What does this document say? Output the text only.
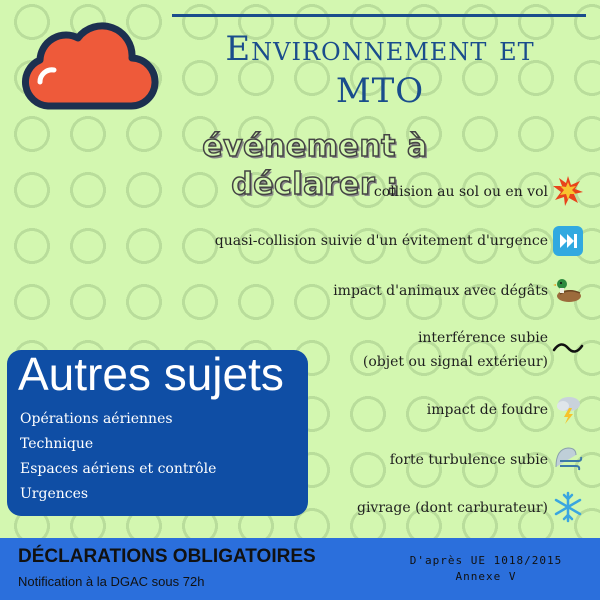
Environnement et
MTO
événement à déclarer :
collision au sol ou en vol
quasi-collision suivie d'un évitement d'urgence
impact d'animaux avec dégâts
interférence subie
(objet ou signal extérieur)
impact de foudre
forte turbulence subie
givrage (dont carburateur)
Autres sujets
Opérations aériennes
Technique
Espaces aériens et contrôle
Urgences
DÉCLARATIONS OBLIGATOIRES
Notification à la DGAC sous 72h
D'après UE 1018/2015
Annexe V
